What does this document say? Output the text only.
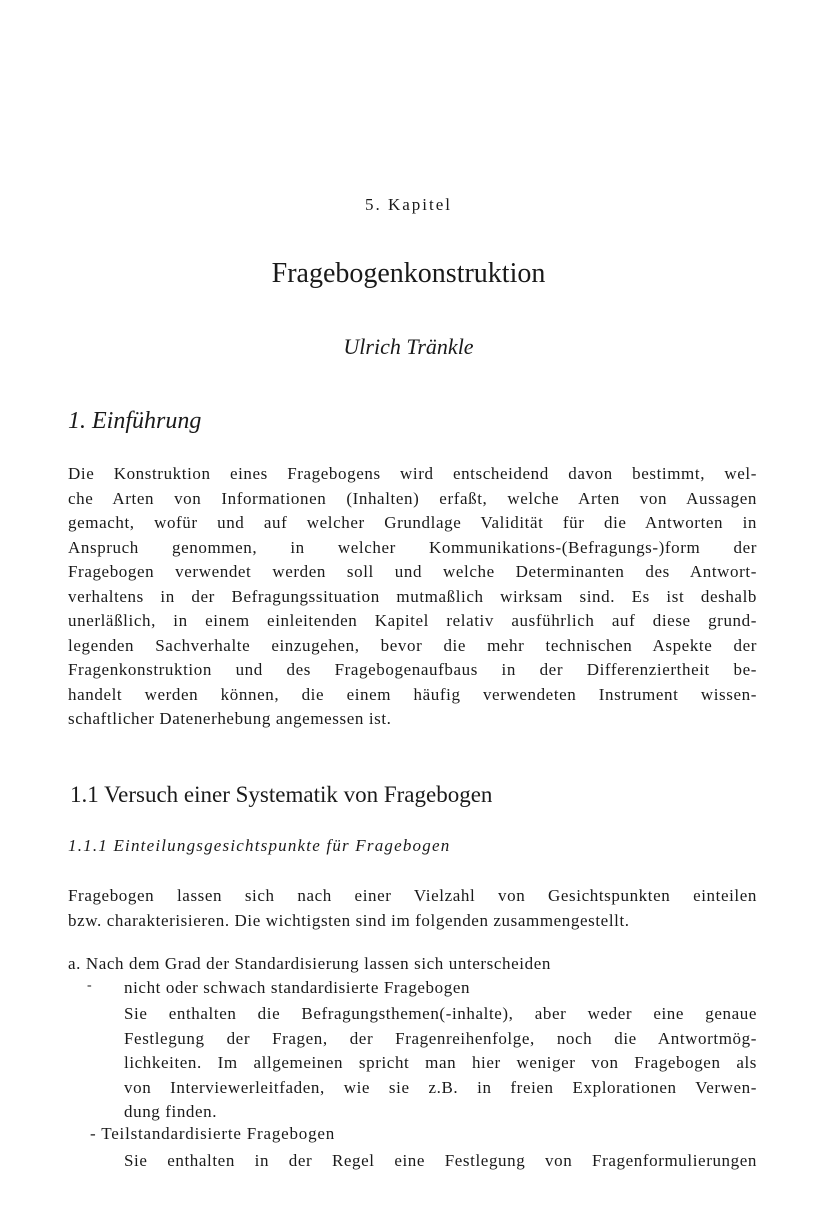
5. Kapitel
Fragebogenkonstruktion
Ulrich Tränkle
1. Einführung
Die Konstruktion eines Fragebogens wird entscheidend davon bestimmt, wel-
che Arten von Informationen (Inhalten) erfaßt, welche Arten von Aussagen
gemacht, wofür und auf welcher Grundlage Validität für die Antworten in
Anspruch genommen, in welcher Kommunikations-(Befragungs-)form der
Fragebogen verwendet werden soll und welche Determinanten des Antwort-
verhaltens in der Befragungssituation mutmaßlich wirksam sind. Es ist deshalb
unerläßlich, in einem einleitenden Kapitel relativ ausführlich auf diese grund-
legenden Sachverhalte einzugehen, bevor die mehr technischen Aspekte der
Fragenkonstruktion und des Fragebogenaufbaus in der Differenziertheit be-
handelt werden können, die einem häufig verwendeten Instrument wissen-
schaftlicher Datenerhebung angemessen ist.
1.1 Versuch einer Systematik von Fragebogen
1.1.1 Einteilungsgesichtspunkte für Fragebogen
Fragebogen lassen sich nach einer Vielzahl von Gesichtspunkten einteilen
bzw. charakterisieren. Die wichtigsten sind im folgenden zusammengestellt.
a. Nach dem Grad der Standardisierung lassen sich unterscheiden
- nicht oder schwach standardisierte Fragebogen
Sie enthalten die Befragungsthemen(-inhalte), aber weder eine genaue
Festlegung der Fragen, der Fragenreihenfolge, noch die Antwortmög-
lichkeiten. Im allgemeinen spricht man hier weniger von Fragebogen als
von Interviewerleitfaden, wie sie z.B. in freien Explorationen Verwen-
dung finden.
- Teilstandardisierte Fragebogen
Sie enthalten in der Regel eine Festlegung von Fragenformulierungen
